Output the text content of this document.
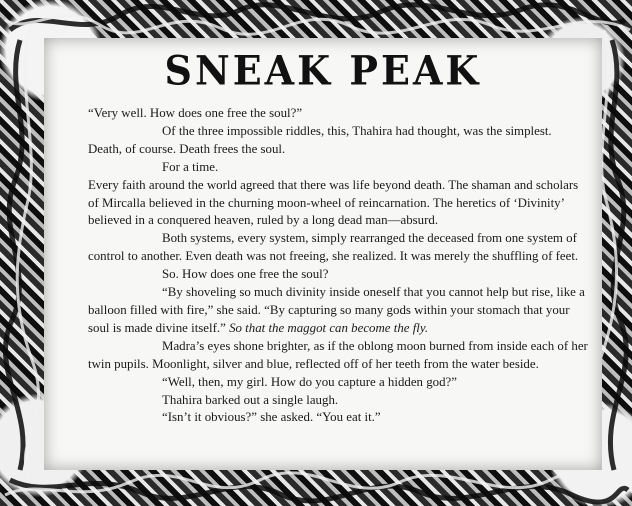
SNEAK PEAK

“Very well. How does one free the soul?”

Of the three impossible riddles, this, Thahira had thought, was the simplest. Death, of course. Death frees the soul.

For a time.

Every faith around the world agreed that there was life beyond death. The shaman and scholars of Mircalla believed in the churning moon-wheel of reincarnation. The heretics of ‘Divinity’ believed in a conquered heaven, ruled by a long dead man—absurd.

Both systems, every system, simply rearranged the deceased from one system of control to another. Even death was not freeing, she realized. It was merely the shuffling of feet.

So. How does one free the soul?

“By shoveling so much divinity inside oneself that you cannot help but rise, like a balloon filled with fire,” she said. “By capturing so many gods within your stomach that your soul is made divine itself.” So that the maggot can become the fly.

Madra’s eyes shone brighter, as if the oblong moon burned from inside each of her twin pupils. Moonlight, silver and blue, reflected off of her teeth from the water beside.

“Well, then, my girl. How do you capture a hidden god?”

Thahira barked out a single laugh.

“Isn’t it obvious?” she asked. “You eat it.”
